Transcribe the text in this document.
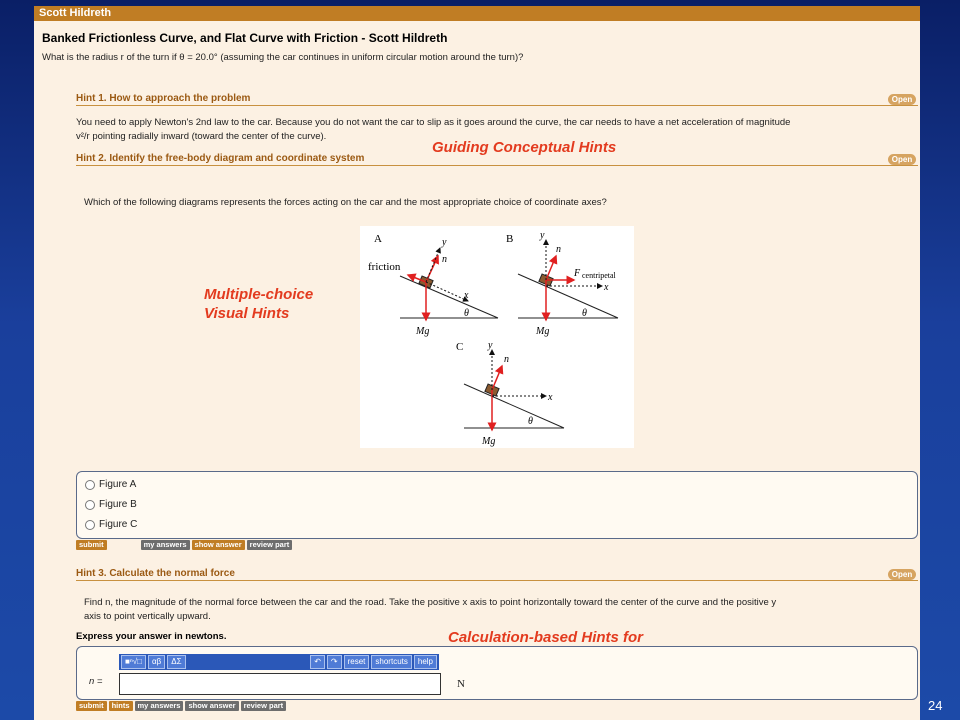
Scott Hildreth
Banked Frictionless Curve, and Flat Curve with Friction - Scott Hildreth
What is the radius r of the turn if θ = 20.0° (assuming the car continues in uniform circular motion around the turn)?
Hint 1. How to approach the problem	Open
You need to apply Newton's 2nd law to the car. Because you do not want the car to slip as it goes around the curve, the car needs to have a net acceleration of magnitude
v²/r pointing radially inward (toward the center of the curve).
Hint 2. Identify the free-body diagram and coordinate system	Open
Which of the following diagrams represents the forces acting on the car and the most appropriate choice of coordinate axes?
Guiding Conceptual Hints
Multiple-choice
Visual Hints
A
friction
y
n
x
θ
Mg
B	y
n
F centripetal
x
θ
Mg
C y
n
x
θ
Mg
Figure A
Figure B
Figure C
submit	my answers	show answer	review part
Hint 3. Calculate the normal force	Open
Find n, the magnitude of the normal force between the car and the road. Take the positive x axis to point horizontally toward the center of the curve and the positive y
axis to point vertically upward.
Express your answer in newtons.	Calculation-based Hints for
■ⁿ√□	αβ	ΔΣ	↶	↷	reset	shortcuts	help
n =	N
submit	hints	my answers	show answer	review part	24
